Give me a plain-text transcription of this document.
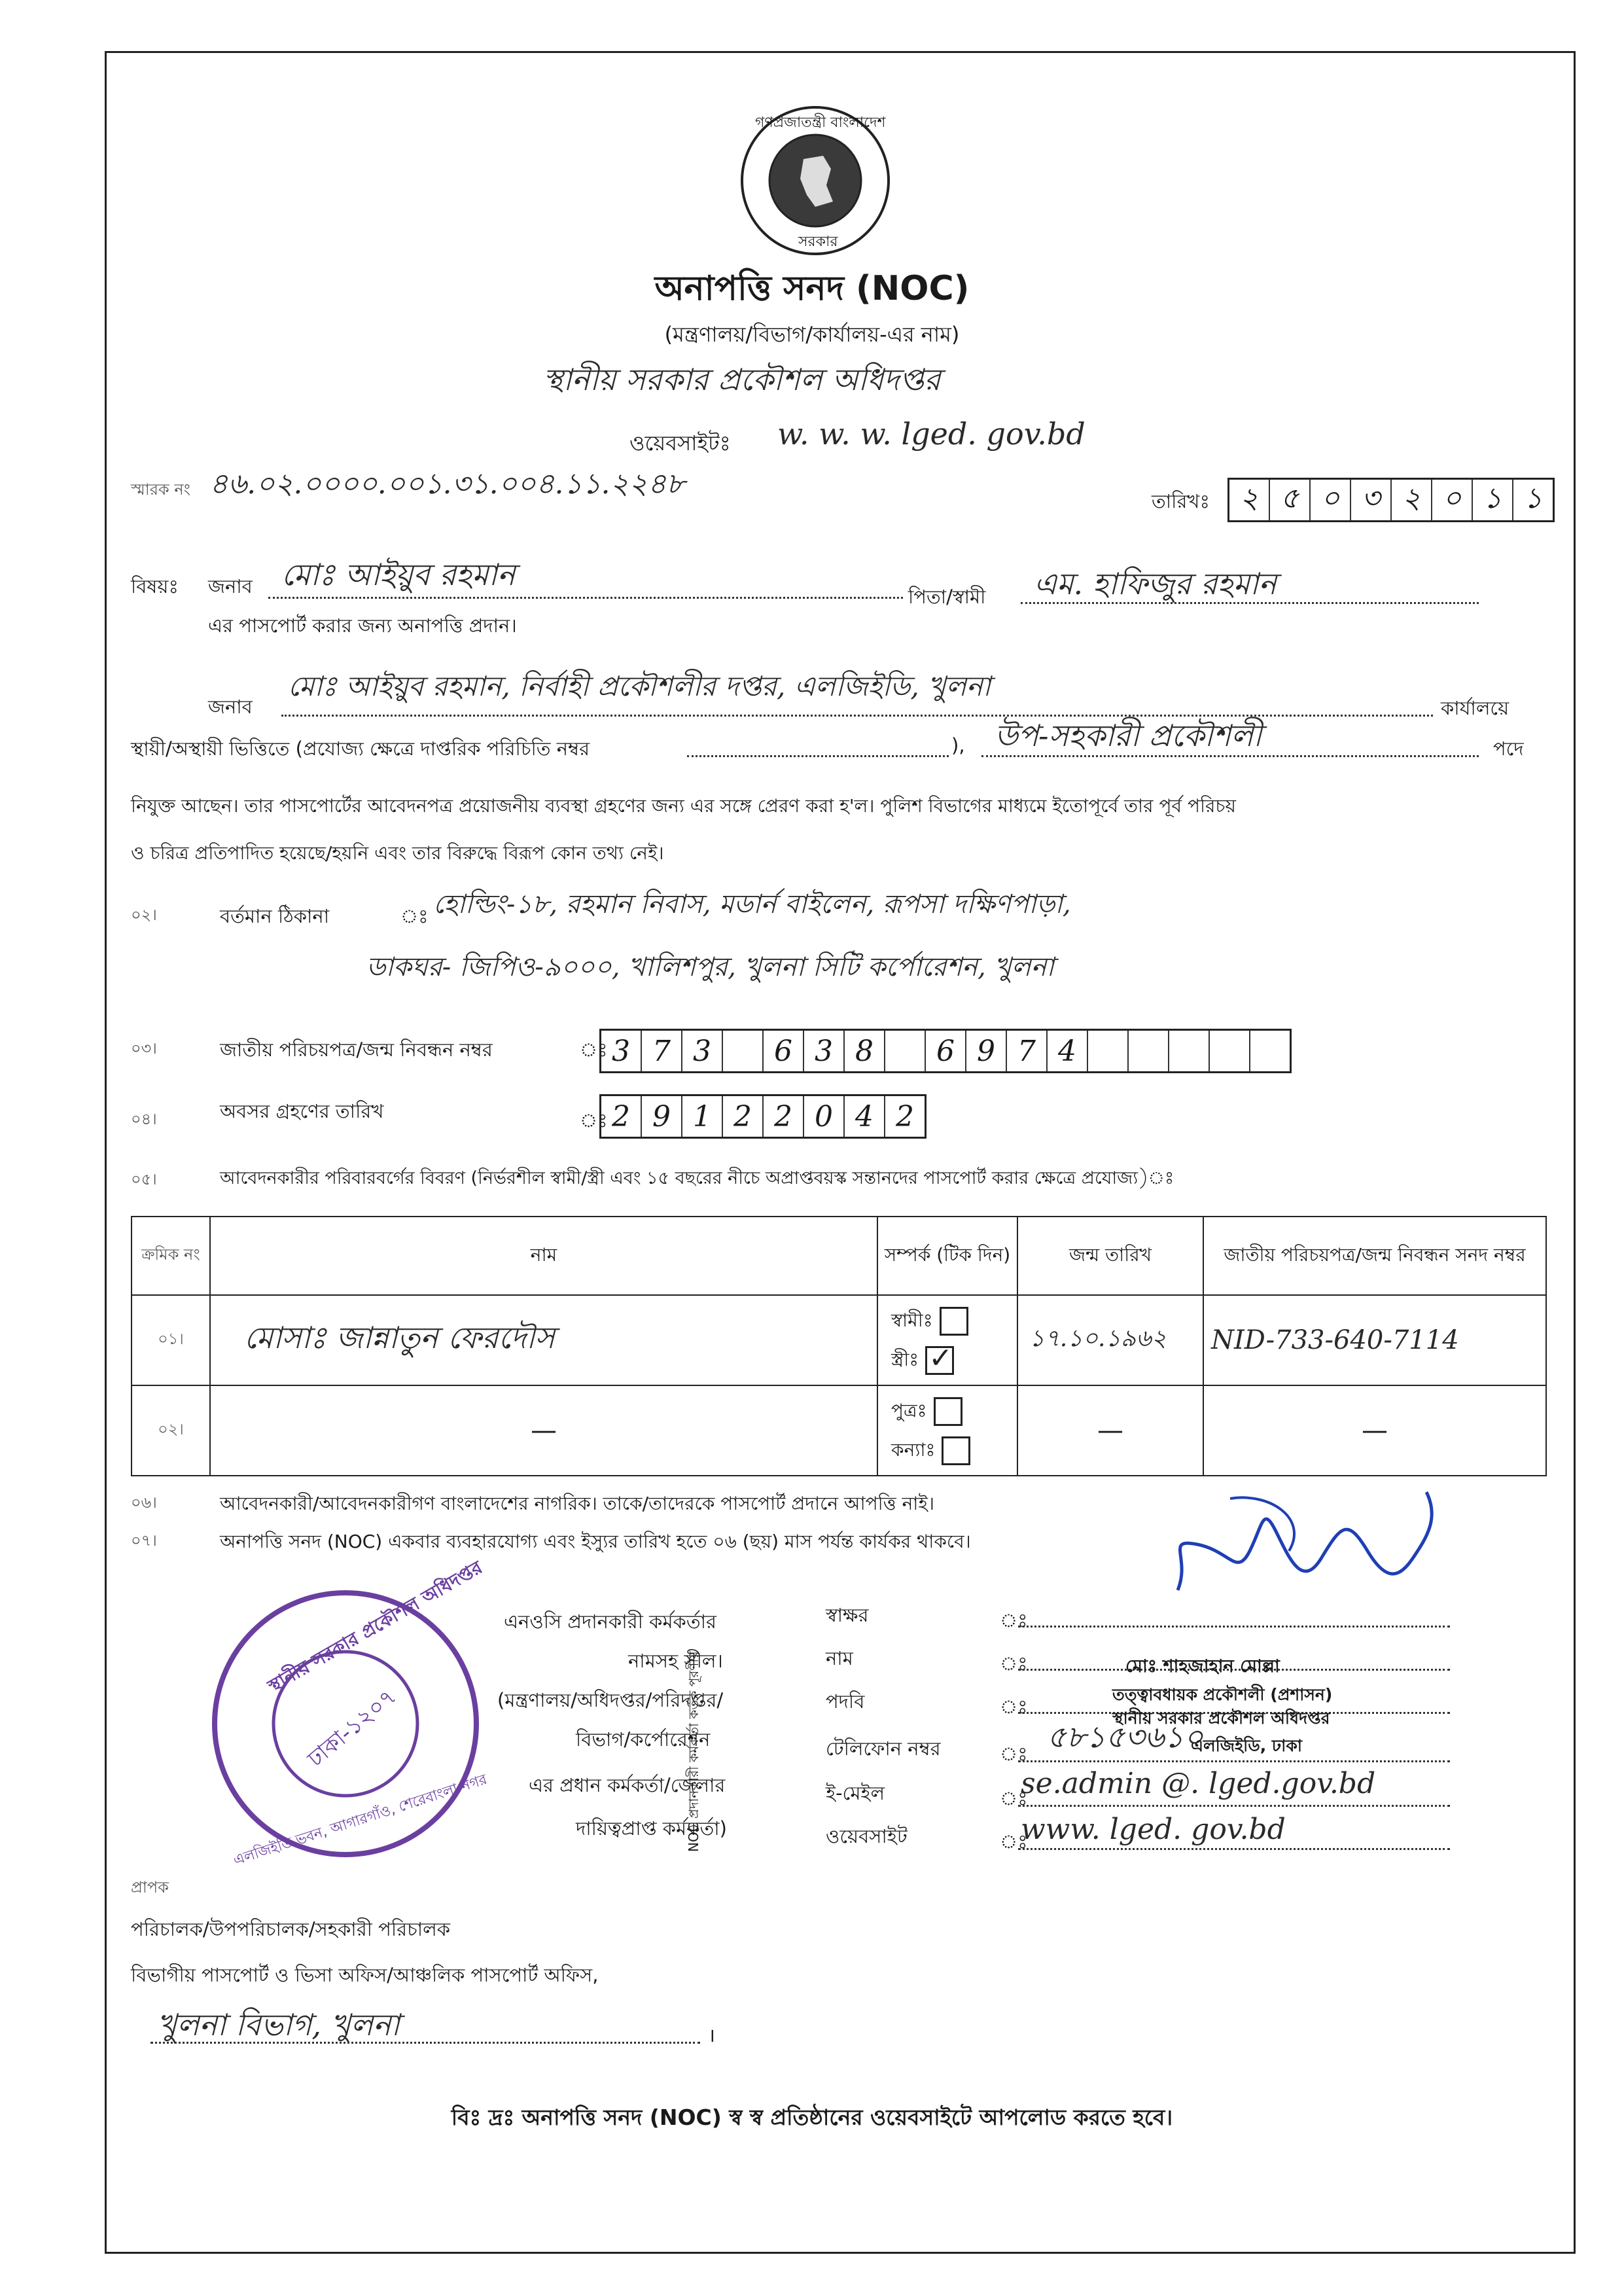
গণপ্রজাতন্ত্রী বাংলাদেশ
সরকার
অনাপত্তি সনদ (NOC)
(মন্ত্রণালয়/বিভাগ/কার্যালয়-এর নাম)
স্থানীয় সরকার প্রকৌশল অধিদপ্তর
ওয়েবসাইটঃ w. w. w. lged. gov.bd
স্মারক নং ৪৬.০২.০০০০.০০১.৩১.০০৪.১১.২২৪৮
তারিখঃ	২ ৫ ০ ৩ ২ ০ ১ ১
বিষয়ঃ জনাব মোঃ আইয়ুব রহমান
পিতা/স্বামী এম. হাফিজুর রহমান
এর পাসপোর্ট করার জন্য অনাপত্তি প্রদান।
জনাব
মোঃ আইয়ুব রহমান, নির্বাহী প্রকৌশলীর দপ্তর, এলজিইডি, খুলনা
কার্যালয়ে
স্থায়ী/অস্থায়ী ভিত্তিতে (প্রযোজ্য ক্ষেত্রে দাপ্তরিক পরিচিতি নম্বর	), উপ-সহকারী প্রকৌশলী	পদে
নিযুক্ত আছেন। তার পাসপোর্টের আবেদনপত্র প্রয়োজনীয় ব্যবস্থা গ্রহণের জন্য এর সঙ্গে প্রেরণ করা হ'ল। পুলিশ বিভাগের মাধ্যমে ইতোপূর্বে তার পূর্ব পরিচয়
ও চরিত্র প্রতিপাদিত হয়েছে/হয়নি এবং তার বিরুদ্ধে বিরূপ কোন তথ্য নেই।
০২।	বর্তমান ঠিকানা	ঃ হোল্ডিং-১৮, রহমান নিবাস, মডার্ন বাইলেন, রূপসা দক্ষিণপাড়া,
ডাকঘর- জিপিও-৯০০০, খালিশপুর, খুলনা সিটি কর্পোরেশন, খুলনা
০৩।	জাতীয় পরিচয়পত্র/জন্ম নিবন্ধন নম্বর	ঃ 3 7 3	6 3 8	6 9 7 4
০৪।	অবসর গ্রহণের তারিখ	ঃ 2 9 1 2 2 0 4 2
০৫।	আবেদনকারীর পরিবারবর্গের বিবরণ (নির্ভরশীল স্বামী/স্ত্রী এবং ১৫ বছরের নীচে অপ্রাপ্তবয়স্ক সন্তানদের পাসপোর্ট করার ক্ষেত্রে প্রযোজ্য)ঃ
ক্রমিক নং	নাম	সম্পর্ক (টিক দিন)	জন্ম তারিখ	জাতীয় পরিচয়পত্র/জন্ম নিবন্ধন সনদ নম্বর
০১।	মোসাঃ জান্নাতুন ফেরদৌস	স্বামীঃ
স্ত্রীঃ ✓	১৭.১০.১৯৬২	NID-733-640-7114
০২।	—	পুত্রঃ
কন্যাঃ	—	—
০৬।	আবেদনকারী/আবেদনকারীগণ বাংলাদেশের নাগরিক। তাকে/তাদেরকে পাসপোর্ট প্রদানে আপত্তি নাই।
০৭।	অনাপত্তি সনদ (NOC) একবার ব্যবহারযোগ্য এবং ইস্যুর তারিখ হতে ০৬ (ছয়) মাস পর্যন্ত কার্যকর থাকবে।
স্থানীয় সরকার প্রকৌশল অধিদপ্তর
ঢাকা-১২০৭
এলজিইডি ভবন, আগারগাঁও, শেরেবাংলা নগর
এনওসি প্রদানকারী কর্মকর্তার
নামসহ সীল।
(মন্ত্রণালয়/অধিদপ্তর/পরিদপ্তর/
বিভাগ/কর্পোরেশন
এর প্রধান কর্মকর্তা/জেলার
দায়িত্বপ্রাপ্ত কর্মকর্তা)
NOC প্রদানকারী কর্মকর্তা কর্তৃক পূরণীয়
স্বাক্ষর	ঃ
নাম	ঃ	মোঃ শাহজাহান মোল্লা
পদবি	ঃ
তত্ত্বাবধায়ক প্রকৌশলী (প্রশাসন)
স্থানীয় সরকার প্রকৌশল অধিদপ্তর
টেলিফোন নম্বর	ঃ ৫৮১৫৩৬১০
এলজিইডি, ঢাকা
ই-মেইল	ঃ
se.admin @. lged.gov.bd
ওয়েবসাইট	ঃ
www. lged. gov.bd
প্রাপক
পরিচালক/উপপরিচালক/সহকারী পরিচালক
বিভাগীয় পাসপোর্ট ও ভিসা অফিস/আঞ্চলিক পাসপোর্ট অফিস,
খুলনা বিভাগ, খুলনা	।
বিঃ দ্রঃ অনাপত্তি সনদ (NOC) স্ব স্ব প্রতিষ্ঠানের ওয়েবসাইটে আপলোড করতে হবে।
